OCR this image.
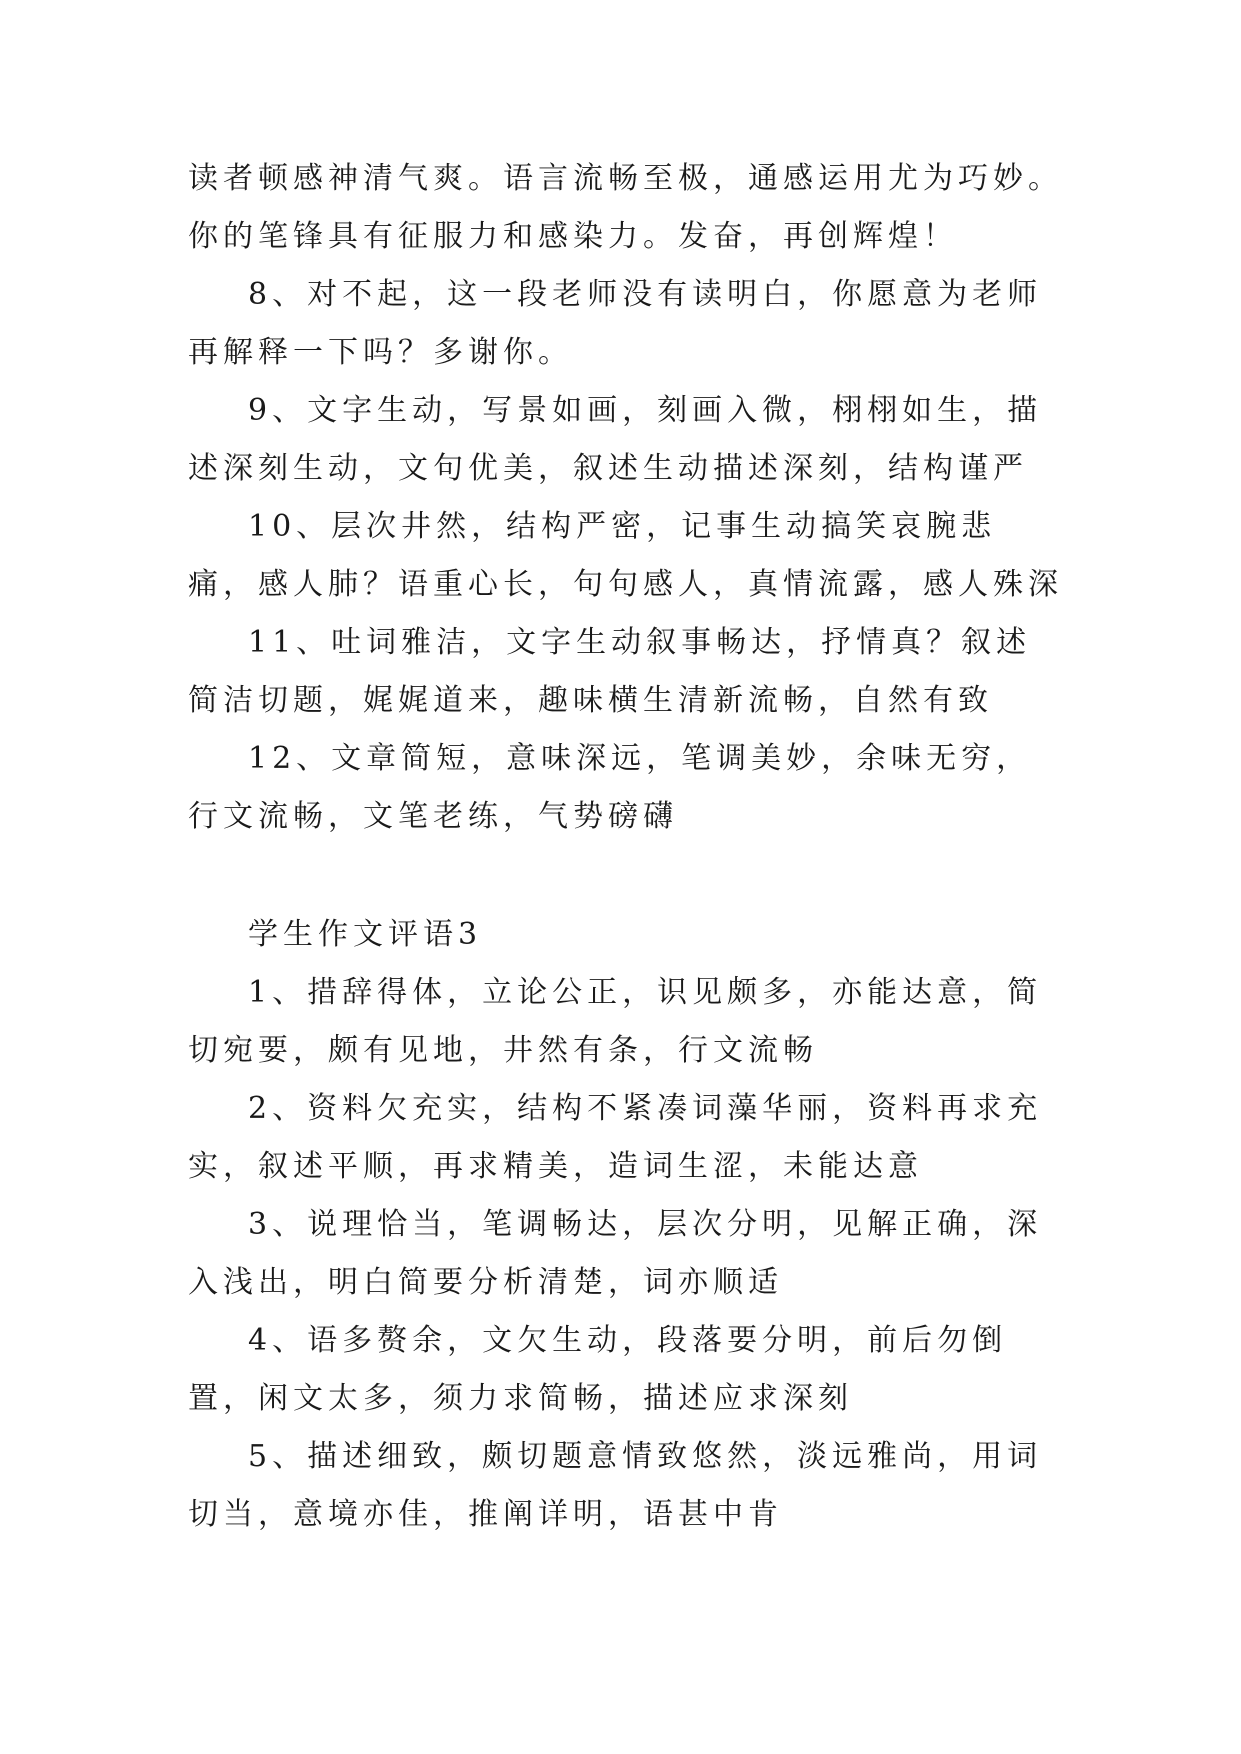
读者顿感神清气爽。语言流畅至极，通感运用尤为巧妙。你的笔锋具有征服力和感染力。发奋，再创辉煌！

8、对不起，这一段老师没有读明白，你愿意为老师再解释一下吗？多谢你。

9、文字生动，写景如画，刻画入微，栩栩如生，描述深刻生动，文句优美，叙述生动描述深刻，结构谨严

10、层次井然，结构严密，记事生动搞笑哀腕悲痛，感人肺？语重心长，句句感人，真情流露，感人殊深

11、吐词雅洁，文字生动叙事畅达，抒情真？叙述简洁切题，娓娓道来，趣味横生清新流畅，自然有致

12、文章简短，意味深远，笔调美妙，余味无穷，行文流畅，文笔老练，气势磅礴

学生作文评语3

1、措辞得体，立论公正，识见颇多，亦能达意，简切宛要，颇有见地，井然有条，行文流畅

2、资料欠充实，结构不紧凑词藻华丽，资料再求充实，叙述平顺，再求精美，造词生涩，未能达意

3、说理恰当，笔调畅达，层次分明，见解正确，深入浅出，明白简要分析清楚，词亦顺适

4、语多赘余，文欠生动，段落要分明，前后勿倒置，闲文太多，须力求简畅，描述应求深刻

5、描述细致，颇切题意情致悠然，淡远雅尚，用词切当，意境亦佳，推阐详明，语甚中肯
